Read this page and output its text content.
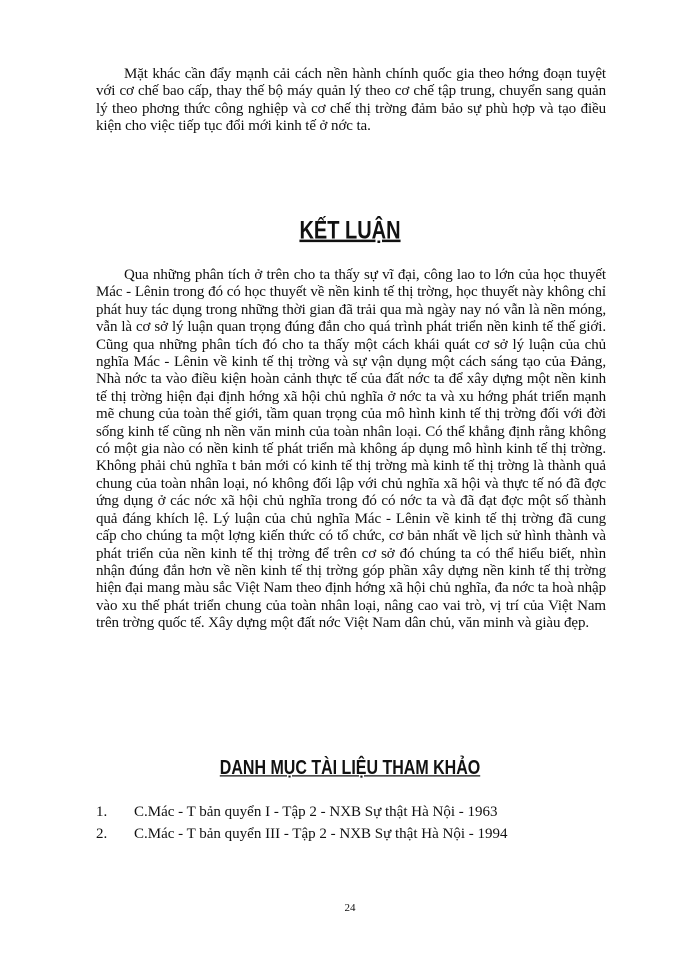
Mặt khác cần đẩy mạnh cải cách nền hành chính quốc gia theo hớng đoạn tuyệt với cơ chế bao cấp, thay thế bộ máy quản lý theo cơ chế tập trung, chuyển sang quản lý theo phơng thức công nghiệp và cơ chế thị trờng đảm bảo sự phù hợp và tạo điều kiện cho việc tiếp tục đổi mới kinh tế ở nớc ta.

KẾT LUẬN

Qua những phân tích ở trên cho ta thấy sự vĩ đại, công lao to lớn của học thuyết Mác - Lênin trong đó có học thuyết về nền kinh tế thị trờng, học thuyết này không chỉ phát huy tác dụng trong những thời gian đã trải qua mà ngày nay nó vẫn là nền móng, vẫn là cơ sở lý luận quan trọng đúng đắn cho quá trình phát triển nền kinh tế thế giới. Cũng qua những phân tích đó cho ta thấy một cách khái quát cơ sở lý luận của chủ nghĩa Mác - Lênin về kinh tế thị trờng và sự vận dụng một cách sáng tạo của Đảng, Nhà nớc ta vào điều kiện hoàn cảnh thực tế của đất nớc ta để xây dựng một nền kinh tế thị trờng hiện đại định hớng xã hội chủ nghĩa ở nớc ta và xu hớng phát triển mạnh mẽ chung của toàn thế giới, tầm quan trọng của mô hình kinh tế thị trờng đối với đời sống kinh tế cũng nh nền văn minh của toàn nhân loại. Có thể khẳng định rằng không có một gia nào có nền kinh tế phát triển mà không áp dụng mô hình kinh tế thị trờng. Không phải chủ nghĩa t bản mới có kinh tế thị trờng mà kinh tế thị trờng là thành quả chung của toàn nhân loại, nó không đối lập với chủ nghĩa xã hội và thực tế nó đã đợc ứng dụng ở các nớc xã hội chủ nghĩa trong đó có nớc ta và đã đạt đợc một số thành quả đáng khích lệ. Lý luận của chủ nghĩa Mác - Lênin về kinh tế thị trờng đã cung cấp cho chúng ta một lợng kiến thức có tổ chức, cơ bản nhất về lịch sử hình thành và phát triển của nền kinh tế thị trờng để trên cơ sở đó chúng ta có thể hiểu biết, nhìn nhận đúng đắn hơn về nền kinh tế thị trờng góp phần xây dựng nền kinh tế thị trờng hiện đại mang màu sắc Việt Nam theo định hớng xã hội chủ nghĩa, đa nớc ta hoà nhập vào xu thế phát triển chung của toàn nhân loại, nâng cao vai trò, vị trí của Việt Nam trên trờng quốc tế. Xây dựng một đất nớc Việt Nam dân chủ, văn minh và giàu đẹp.

DANH MỤC TÀI LIỆU THAM KHẢO
1. C.Mác - T bản quyển I - Tập 2 - NXB Sự thật Hà Nội - 1963
2. C.Mác - T bản quyển III - Tập 2 - NXB Sự thật Hà Nội - 1994
24
